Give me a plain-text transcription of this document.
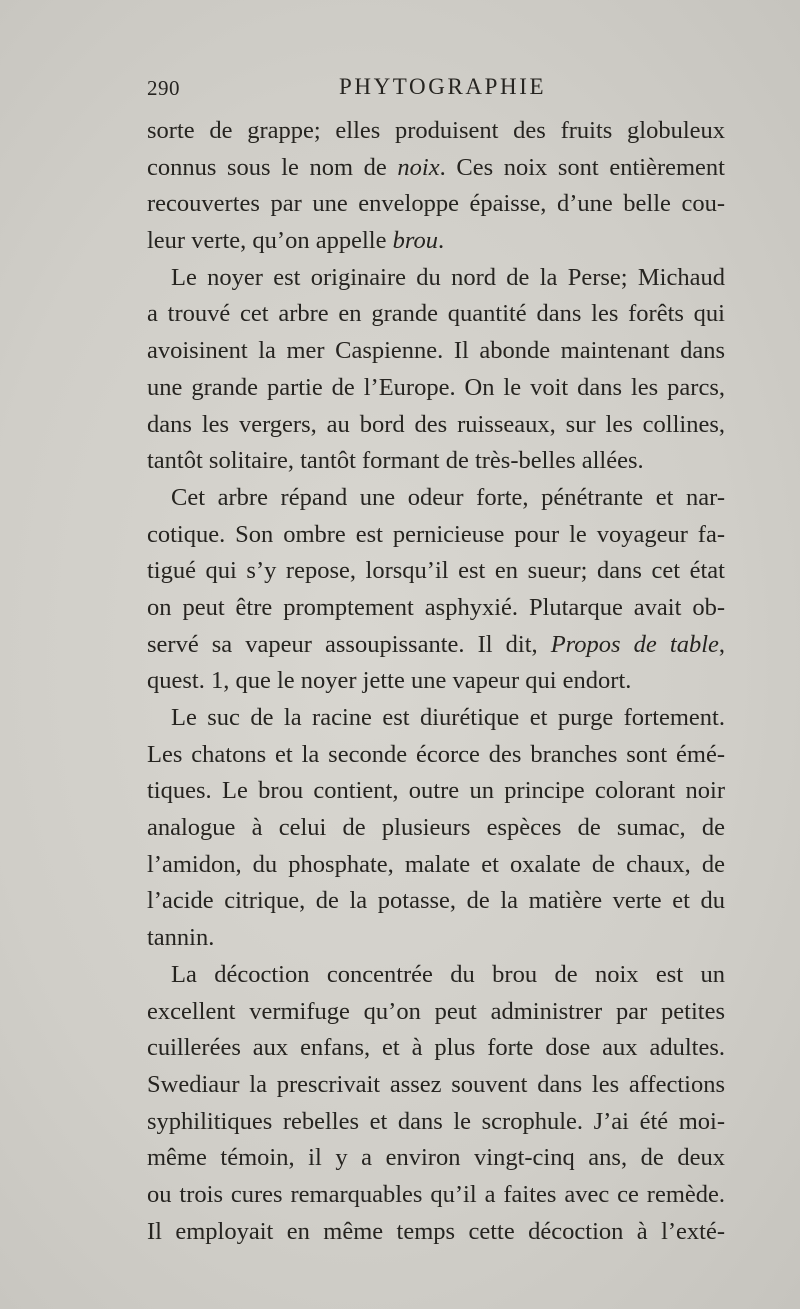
290	PHYTOGRAPHIE
sorte de grappe; elles produisent des fruits globuleux
connus sous le nom de noix. Ces noix sont entièrement
recouvertes par une enveloppe épaisse, d’une belle cou-
leur verte, qu’on appelle brou.
Le noyer est originaire du nord de la Perse; Michaud
a trouvé cet arbre en grande quantité dans les forêts qui
avoisinent la mer Caspienne. Il abonde maintenant dans
une grande partie de l’Europe. On le voit dans les parcs,
dans les vergers, au bord des ruisseaux, sur les collines,
tantôt solitaire, tantôt formant de très-belles allées.
Cet arbre répand une odeur forte, pénétrante et nar-
cotique. Son ombre est pernicieuse pour le voyageur fa-
tigué qui s’y repose, lorsqu’il est en sueur; dans cet état
on peut être promptement asphyxié. Plutarque avait ob-
servé sa vapeur assoupissante. Il dit, Propos de table,
quest. 1, que le noyer jette une vapeur qui endort.
Le suc de la racine est diurétique et purge fortement.
Les chatons et la seconde écorce des branches sont émé-
tiques. Le brou contient, outre un principe colorant noir
analogue à celui de plusieurs espèces de sumac, de
l’amidon, du phosphate, malate et oxalate de chaux, de
l’acide citrique, de la potasse, de la matière verte et du
tannin.
La décoction concentrée du brou de noix est un
excellent vermifuge qu’on peut administrer par petites
cuillerées aux enfans, et à plus forte dose aux adultes.
Swediaur la prescrivait assez souvent dans les affections
syphilitiques rebelles et dans le scrophule. J’ai été moi-
même témoin, il y a environ vingt-cinq ans, de deux
ou trois cures remarquables qu’il a faites avec ce remède.
Il employait en même temps cette décoction à l’exté-
